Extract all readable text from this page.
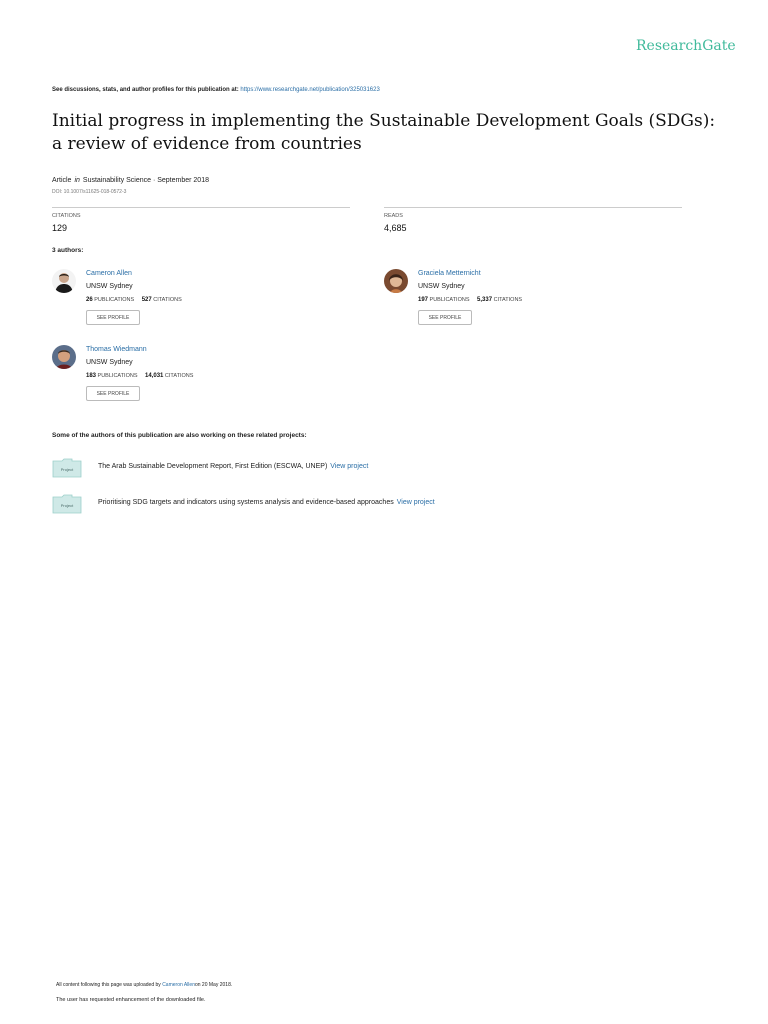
ResearchGate
See discussions, stats, and author profiles for this publication at: https://www.researchgate.net/publication/325031623
Initial progress in implementing the Sustainable Development Goals (SDGs):
a review of evidence from countries
Article in Sustainability Science · September 2018
DOI: 10.1007/s11625-018-0572-3
CITATIONS
129
READS
4,685
3 authors:
Cameron Allen
UNSW Sydney
26 PUBLICATIONS 527 CITATIONS
SEE PROFILE
Graciela Metternicht
UNSW Sydney
197 PUBLICATIONS 5,337 CITATIONS
SEE PROFILE
Thomas Wiedmann
UNSW Sydney
183 PUBLICATIONS 14,031 CITATIONS
SEE PROFILE
Some of the authors of this publication are also working on these related projects:
Project	The Arab Sustainable Development Report, First Edition (ESCWA, UNEP) View project
Project	Prioritising SDG targets and indicators using systems analysis and evidence-based approaches View project
All content following this page was uploaded by Cameron Allenon 20 May 2018.
The user has requested enhancement of the downloaded file.
